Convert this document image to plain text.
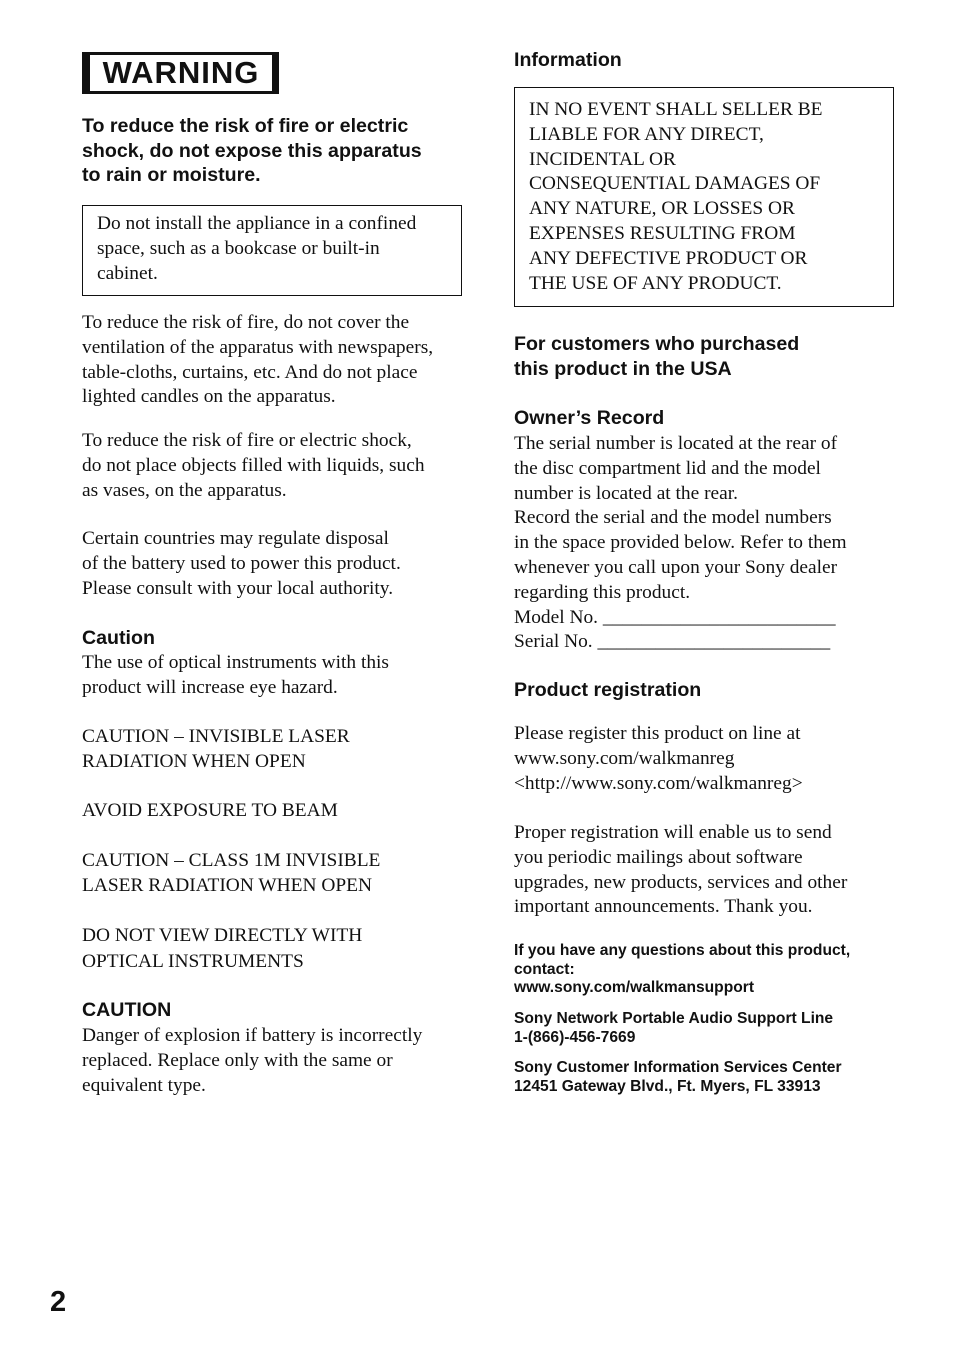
WARNING
To reduce the risk of fire or electric
shock, do not expose this apparatus
to rain or moisture.
Do not install the appliance in a confined
space, such as a bookcase or built-in
cabinet.
To reduce the risk of fire, do not cover the
ventilation of the apparatus with newspapers,
table-cloths, curtains, etc. And do not place
lighted candles on the apparatus.
To reduce the risk of fire or electric shock,
do not place objects filled with liquids, such
as vases, on the apparatus.
Certain countries may regulate disposal
of the battery used to power this product.
Please consult with your local authority.
Caution
The use of optical instruments with this
product will increase eye hazard.
CAUTION – INVISIBLE LASER
RADIATION WHEN OPEN
AVOID EXPOSURE TO BEAM
CAUTION – CLASS 1M INVISIBLE
LASER RADIATION WHEN OPEN
DO NOT VIEW DIRECTLY WITH
OPTICAL INSTRUMENTS
CAUTION
Danger of explosion if battery is incorrectly
replaced. Replace only with the same or
equivalent type.
Information
IN NO EVENT SHALL SELLER BE
LIABLE FOR ANY DIRECT,
INCIDENTAL OR
CONSEQUENTIAL DAMAGES OF
ANY NATURE, OR LOSSES OR
EXPENSES RESULTING FROM
ANY DEFECTIVE PRODUCT OR
THE USE OF ANY PRODUCT.
For customers who purchased
this product in the USA
Owner’s Record
The serial number is located at the rear of
the disc compartment lid and the model
number is located at the rear.
Record the serial and the model numbers
in the space provided below. Refer to them
whenever you call upon your Sony dealer
regarding this product.
Model No. ________________________
Serial No. ________________________
Product registration
Please register this product on line at
www.sony.com/walkmanreg
<http://www.sony.com/walkmanreg>
Proper registration will enable us to send
you periodic mailings about software
upgrades, new products, services and other
important announcements. Thank you.
If you have any questions about this product,
contact:
www.sony.com/walkmansupport
Sony Network Portable Audio Support Line
1-(866)-456-7669
Sony Customer Information Services Center
12451 Gateway Blvd., Ft. Myers, FL 33913
2
